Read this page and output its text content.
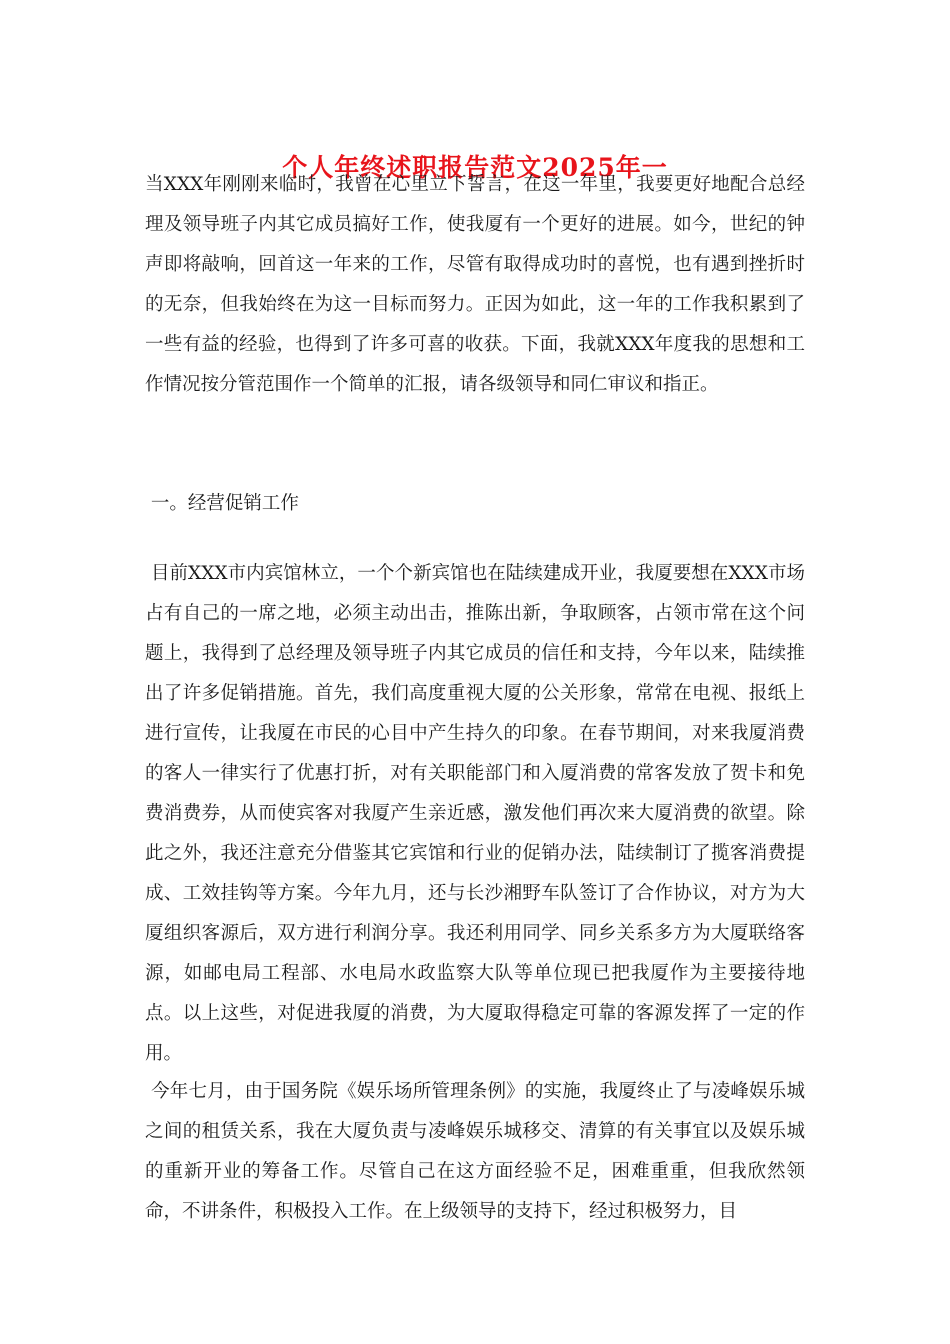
个人年终述职报告范文2025年一

当XXX年刚刚来临时，我曾在心里立下誓言，在这一年里，我要更好地配合总经理及领导班子内其它成员搞好工作，使我厦有一个更好的进展。如今，世纪的钟声即将敲响，回首这一年来的工作，尽管有取得成功时的喜悦，也有遇到挫折时的无奈，但我始终在为这一目标而努力。正因为如此，这一年的工作我积累到了一些有益的经验，也得到了许多可喜的收获。下面，我就XXX年度我的思想和工作情况按分管范围作一个简单的汇报，请各级领导和同仁审议和指正。

一。经营促销工作

目前XXX市内宾馆林立，一个个新宾馆也在陆续建成开业，我厦要想在XXX市场占有自己的一席之地，必须主动出击，推陈出新，争取顾客，占领市常在这个问题上，我得到了总经理及领导班子内其它成员的信任和支持，今年以来，陆续推出了许多促销措施。首先，我们高度重视大厦的公关形象，常常在电视、报纸上进行宣传，让我厦在市民的心目中产生持久的印象。在春节期间，对来我厦消费的客人一律实行了优惠打折，对有关职能部门和入厦消费的常客发放了贺卡和免费消费券，从而使宾客对我厦产生亲近感，激发他们再次来大厦消费的欲望。除此之外，我还注意充分借鉴其它宾馆和行业的促销办法，陆续制订了揽客消费提成、工效挂钩等方案。今年九月，还与长沙湘野车队签订了合作协议，对方为大厦组织客源后，双方进行利润分享。我还利用同学、同乡关系多方为大厦联络客源，如邮电局工程部、水电局水政监察大队等单位现已把我厦作为主要接待地点。以上这些，对促进我厦的消费，为大厦取得稳定可靠的客源发挥了一定的作用。

今年七月，由于国务院《娱乐场所管理条例》的实施，我厦终止了与凌峰娱乐城之间的租赁关系，我在大厦负责与凌峰娱乐城移交、清算的有关事宜以及娱乐城的重新开业的筹备工作。尽管自己在这方面经验不足，困难重重，但我欣然领命，不讲条件，积极投入工作。在上级领导的支持下，经过积极努力，目
